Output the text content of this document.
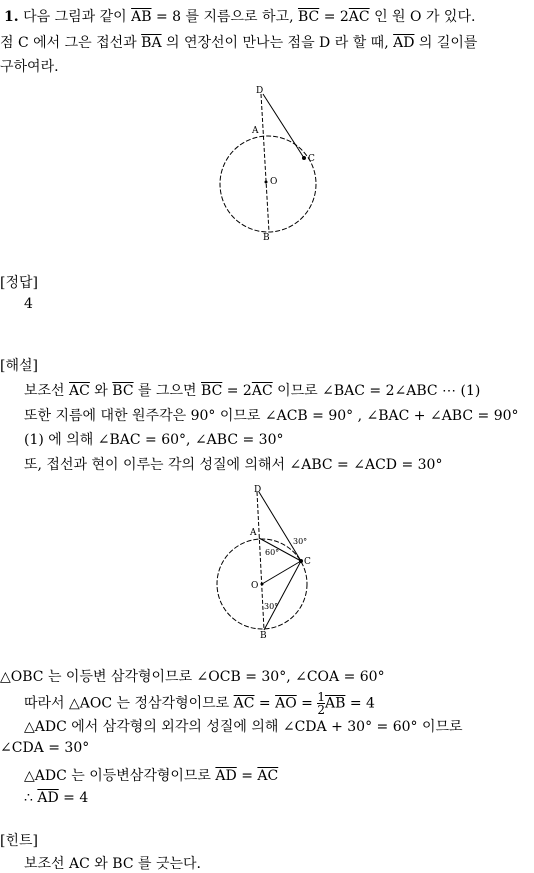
1. 다음 그림과 같이 $\overline{AB} = 8$ 를 지름으로 하고, $\overline{BC} = 2\overline{AC}$ 인 원 O 가 있다.
점 C 에서 그은 접선과 $\overline{BA}$ 의 연장선이 만나는 점을 D 라 할 때, $\overline{AD}$ 의 길이를
구하여라.
D
A
C
O
B
[정답]
4
[해설]
보조선 $\overline{AC}$ 와 $\overline{BC}$ 를 그으면 $\overline{BC} = 2\overline{AC}$ 이므로 ∠BAC = 2∠ABC ⋯ (1)
또한 지름에 대한 원주각은 90° 이므로 ∠ACB = 90° , ∠BAC + ∠ABC = 90°
(1) 에 의해 ∠BAC = 60°, ∠ABC = 30°
또, 접선과 현이 이루는 각의 성질에 의해서 ∠ABC = ∠ACD = 30°
D
A
C
O
B
60°
30°
30°
△OBC 는 이등변 삼각형이므로 ∠OCB = 30°, ∠COA = 60°
따라서 △AOC 는 정삼각형이므로 $\overline{AC} = \overline{AO} = \frac{1}{2} \overline{AB} = 4$
△ADC 에서 삼각형의 외각의 성질에 의해 ∠CDA + 30° = 60° 이므로
∠CDA = 30°
△ADC 는 이등변삼각형이므로 $\overline{AD} = \overline{AC}$
∴ $\overline{AD} = 4$
[힌트]
보조선 AC 와 BC 를 긋는다.
